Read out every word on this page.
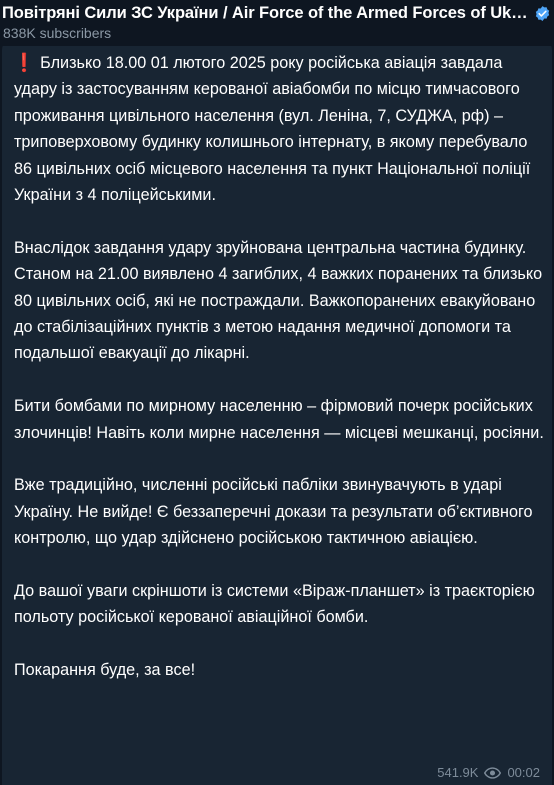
Повітряні Сили ЗС України / Air Force of the Armed Forces of Uk…
838K subscribers

❗ Близько 18.00 01 лютого 2025 року російська авіація завдала удару із застосуванням керованої авіабомби по місцю тимчасового проживання цивільного населення (вул. Леніна, 7, СУДЖА, рф) – триповерховому будинку колишнього інтернату, в якому перебувало 86 цивільних осіб місцевого населення та пункт Національної поліції України з 4 поліцейськими.

Внаслідок завдання удару зруйнована центральна частина будинку. Станом на 21.00 виявлено 4 загиблих, 4 важких поранених та близько 80 цивільних осіб, які не постраждали. Важкопоранених евакуйовано до стабілізаційних пунктів з метою надання медичної допомоги та подальшої евакуації до лікарні.

Бити бомбами по мирному населенню – фірмовий почерк російських злочинців! Навіть коли мирне населення — місцеві мешканці, росіяни.

Вже традиційно, численні російські пабліки звинувачують в ударі Україну. Не вийде! Є беззаперечні докази та результати об’єктивного контролю, що удар здійснено російською тактичною авіацією.

До вашої уваги скріншоти із системи «Віраж-планшет» із траєкторією польоту російської керованої авіаційної бомби.

Покарання буде, за все!

541.9K 00:02
